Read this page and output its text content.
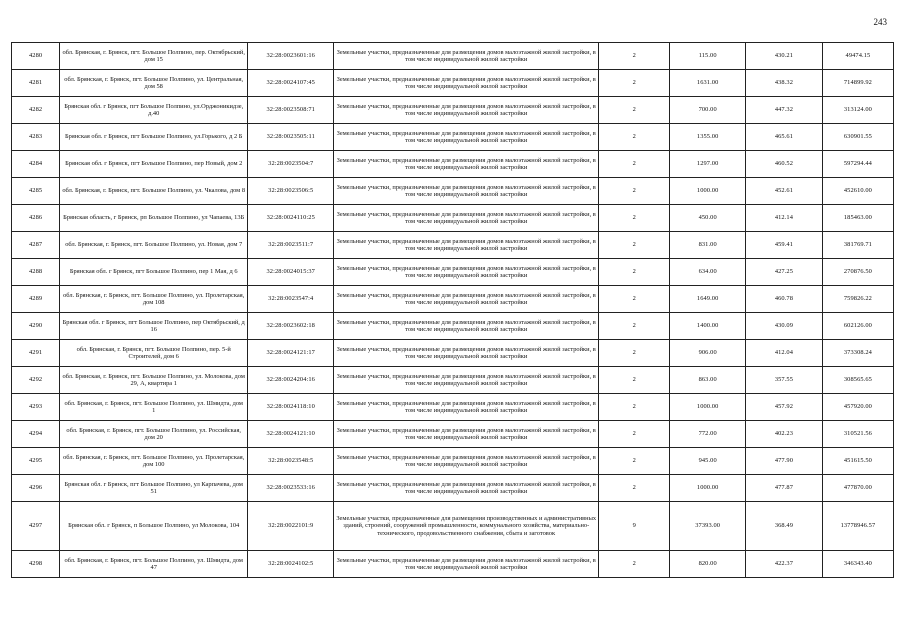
243
4280	обл. Брянская, г. Брянск, пгт. Большое Полпино, пер. Октябрьский, дом 15	32:28:0023601:16	Земельные участки, предназначенные для размещения домов малоэтажной жилой застройки, в том числе индивидуальной жилой застройки	2	115.00	430.21	49474.15
4281	обл. Брянская, г. Брянск, пгт. Большое Полпино, ул. Центральная, дом 58	32:28:0024107:45	Земельные участки, предназначенные для размещения домов малоэтажной жилой застройки, в том числе индивидуальной жилой застройки	2	1631.00	438.32	714899.92
4282	Брянская обл. г Брянск, пгт Большое Полпино, ул.Орджоникидзе, д.40	32:28:0023508:71	Земельные участки, предназначенные для размещения домов малоэтажной жилой застройки, в том числе индивидуальной жилой застройки	2	700.00	447.32	313124.00
4283	Брянская обл. г Брянск, пгт Большое Полпино, ул.Горького, д 2 Б	32:28:0023505:11	Земельные участки, предназначенные для размещения домов малоэтажной жилой застройки, в том числе индивидуальной жилой застройки	2	1355.00	465.61	630901.55
4284	Брянская обл. г Брянск, пгт Большое Полпино, пер Новый, дом 2	32:28:0023504:7	Земельные участки, предназначенные для размещения домов малоэтажной жилой застройки, в том числе индивидуальной жилой застройки	2	1297.00	460.52	597294.44
4285	обл. Брянская, г. Брянск, пгт. Большое Полпино, ул. Чкалова, дом 8	32:28:0023506:5	Земельные участки, предназначенные для размещения домов малоэтажной жилой застройки, в том числе индивидуальной жилой застройки	2	1000.00	452.61	452610.00
4286	Брянская область, г Брянск, рп Большое Полпино, ул Чапаева, 13Б	32:28:0024110:25	Земельные участки, предназначенные для размещения домов малоэтажной жилой застройки, в том числе индивидуальной жилой застройки	2	450.00	412.14	185463.00
4287	обл. Брянская, г. Брянск, пгт. Большое Полпино, ул. Новая, дом 7	32:28:0023511:7	Земельные участки, предназначенные для размещения домов малоэтажной жилой застройки, в том числе индивидуальной жилой застройки	2	831.00	459.41	381769.71
4288	Брянская обл. г Брянск, пгт Большое Полпино, пер 1 Мая, д 6	32:28:0024015:37	Земельные участки, предназначенные для размещения домов малоэтажной жилой застройки, в том числе индивидуальной жилой застройки	2	634.00	427.25	270876.50
4289	обл. Брянская, г. Брянск, пгт. Большое Полпино, ул. Пролетарская, дом 108	32:28:0023547:4	Земельные участки, предназначенные для размещения домов малоэтажной жилой застройки, в том числе индивидуальной жилой застройки	2	1649.00	460.78	759826.22
4290	Брянская обл. г Брянск, пгт Большое Полпино, пер Октябрьский, д 16	32:28:0023602:18	Земельные участки, предназначенные для размещения домов малоэтажной жилой застройки, в том числе индивидуальной жилой застройки	2	1400.00	430.09	602126.00
4291	обл. Брянская, г. Брянск, пгт. Большое Полпино, пер. 5-й Строителей, дом 6	32:28:0024121:17	Земельные участки, предназначенные для размещения домов малоэтажной жилой застройки, в том числе индивидуальной жилой застройки	2	906.00	412.04	373308.24
4292	обл. Брянская, г. Брянск, пгт. Большое Полпино, ул. Молокова, дом 29, А, квартира 1	32:28:0024204:16	Земельные участки, предназначенные для размещения домов малоэтажной жилой застройки, в том числе индивидуальной жилой застройки	2	863.00	357.55	308565.65
4293	обл. Брянская, г. Брянск, пгт. Большое Полпино, ул. Шмидта, дом 1	32:28:0024118:10	Земельные участки, предназначенные для размещения домов малоэтажной жилой застройки, в том числе индивидуальной жилой застройки	2	1000.00	457.92	457920.00
4294	обл. Брянская, г. Брянск, пгт. Большое Полпино, ул. Российская, дом 20	32:28:0024121:10	Земельные участки, предназначенные для размещения домов малоэтажной жилой застройки, в том числе индивидуальной жилой застройки	2	772.00	402.23	310521.56
4295	обл. Брянская, г. Брянск, пгт. Большое Полпино, ул. Пролетарская, дом 100	32:28:0023548:5	Земельные участки, предназначенные для размещения домов малоэтажной жилой застройки, в том числе индивидуальной жилой застройки	2	945.00	477.90	451615.50
4296	Брянская обл. г Брянск, пгт Большое Полпино, ул Карпачева, дом 51	32:28:0023533:16	Земельные участки, предназначенные для размещения домов малоэтажной жилой застройки, в том числе индивидуальной жилой застройки	2	1000.00	477.87	477870.00
4297	Брянская обл. г Брянск, п Большое Полпино, ул Молокова, 104	32:28:0022101:9	Земельные участки, предназначенные для размещения производственных и административных зданий, строений, сооружений промышленности, коммунального хозяйства, материально-технического, продовольственного снабжения, сбыта и заготовок	9	37393.00	368.49	13778946.57
4298	обл. Брянская, г. Брянск, пгт. Большое Полпино, ул. Шмидта, дом 47	32:28:0024102:5	Земельные участки, предназначенные для размещения домов малоэтажной жилой застройки, в том числе индивидуальной жилой застройки	2	820.00	422.37	346343.40
